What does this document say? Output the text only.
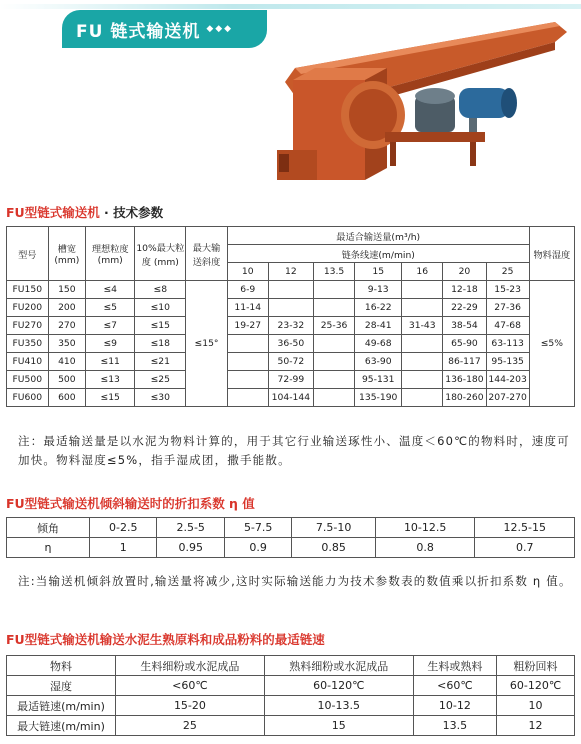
FU 链式输送机 ◆◆◆
FU型链式输送机 · 技术参数
型号	槽宽 (mm)	理想粒度 (mm)	10%最大粒度 (mm)	最大输送斜度	最适合输送量(m³/h)							物料湿度
					链条线速(m/min)							
					10	12	13.5	15	16	20	25	
FU150	150	≤4	≤8	≤15°	6-9			9-13		12-18	15-23	≤5%
FU200	200	≤5	≤10		11-14			16-22		22-29	27-36	
FU270	270	≤7	≤15		19-27	23-32	25-36	28-41	31-43	38-54	47-68	
FU350	350	≤9	≤18			36-50		49-68		65-90	63-113	
FU410	410	≤11	≤21			50-72		63-90		86-117	95-135	
FU500	500	≤13	≤25			72-99		95-131		136-180	144-203	
FU600	600	≤15	≤30			104-144		135-190		180-260	207-270	
注：最适输送量是以水泥为物料计算的，用于其它行业输送琢性小、温度＜60℃的物料时，速度可加快。物料湿度≤5%，指手湿成团，撒手能散。
FU型链式输送机倾斜输送时的折扣系数 η 值
倾角	0-2.5	2.5-5	5-7.5	7.5-10	10-12.5	12.5-15
η	1	0.95	0.9	0.85	0.8	0.7
注:当输送机倾斜放置时,输送量将减少,这时实际输送能力为技术参数表的数值乘以折扣系数 η 值。
FU型链式输送机输送水泥生熟原料和成品粉料的最适链速
物料	生料细粉或水泥成品	熟料细粉或水泥成品	生料或熟料	粗粉回料
湿度	<60℃	60-120℃	<60℃	60-120℃
最适链速(m/min)	15-20	10-13.5	10-12	10
最大链速(m/min)	25	15	13.5	12
